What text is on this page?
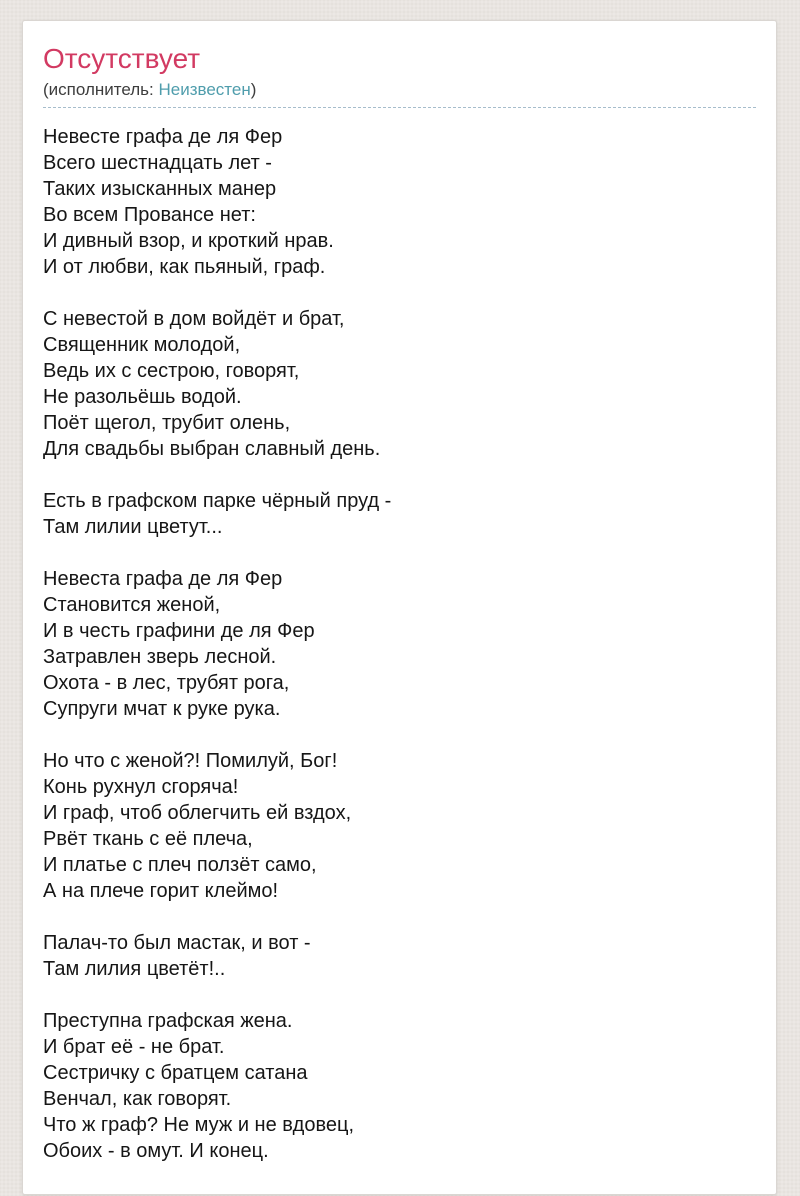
Отсутствует
(исполнитель: Неизвестен)

Невесте графа де ля Фер
Всего шестнадцать лет -
Таких изысканных манер
Во всем Провансе нет:
И дивный взор, и кроткий нрав.
И от любви, как пьяный, граф.

С невестой в дом войдёт и брат,
Священник молодой,
Ведь их с сестрою, говорят,
Не разольёшь водой.
Поёт щегол, трубит олень,
Для свадьбы выбран славный день.

Есть в графском парке чёрный пруд -
Там лилии цветут...

Невеста графа де ля Фер
Становится женой,
И в честь графини де ля Фер
Затравлен зверь лесной.
Охота - в лес, трубят рога,
Супруги мчат к руке рука.

Но что с женой?! Помилуй, Бог!
Конь рухнул сгоряча!
И граф, чтоб облегчить ей вздох,
Рвёт ткань с её плеча,
И платье с плеч ползёт само,
А на плече горит клеймо!

Палач-то был мастак, и вот -
Там лилия цветёт!..

Преступна графская жена.
И брат её - не брат.
Сестричку с братцем сатана
Венчал, как говорят.
Что ж граф? Не муж и не вдовец,
Обоих - в омут. И конец.
